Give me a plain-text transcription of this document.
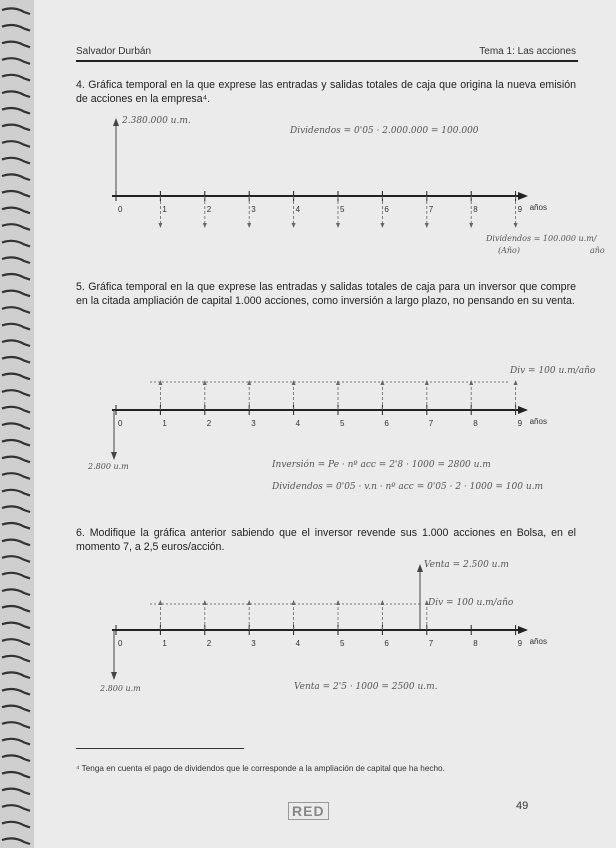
Salvador Durbán	Tema 1: Las acciones
4. Gráfica temporal en la que exprese las entradas y salidas totales de caja que origina la nueva emisión de acciones en la empresa⁴.
2.380.000 u.m.
Dividendos = 0'05 · 2.000.000 = 100.000
0	1	2	3	4	5	6	7	8	9 años
Dividendos = 100.000 u.m/
(Año)	año
5. Gráfica temporal en la que exprese las entradas y salidas totales de caja para un inversor que compre en la citada ampliación de capital 1.000 acciones, como inversión a largo plazo, no pensando en su venta.
Div = 100 u.m/año
0	1	2	3	4	5	6	7	8	9 años
2.800 u.m	Inversión = Pe · nº acc = 2'8 · 1000 = 2800 u.m
Dividendos = 0'05 · v.n · nº acc = 0'05 · 2 · 1000 = 100 u.m
6. Modifique la gráfica anterior sabiendo que el inversor revende sus 1.000 acciones en Bolsa, en el momento 7, a 2,5 euros/acción.
Venta = 2.500 u.m
Div = 100 u.m/año
0	1	2	3	4	5	6	7	8	9 años
2.800 u.m	Venta = 2'5 · 1000 = 2500 u.m.
⁴ Tenga en cuenta el pago de dividendos que le corresponde a la ampliación de capital que ha hecho.
RED	49
